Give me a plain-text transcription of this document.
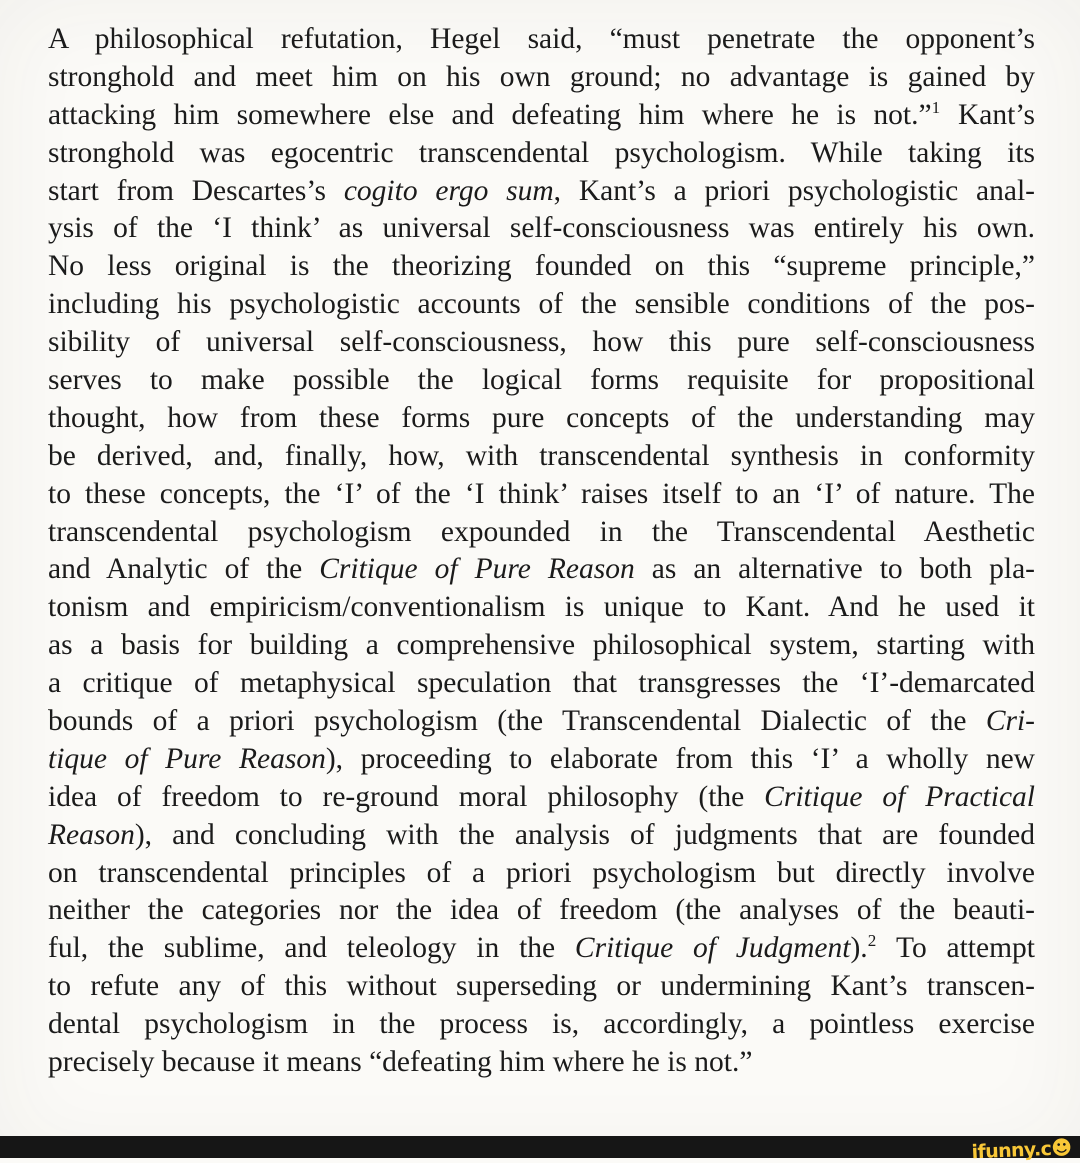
A philosophical refutation, Hegel said, “must penetrate the opponent’s
stronghold and meet him on his own ground; no advantage is gained by
attacking him somewhere else and defeating him where he is not.”$^1$ Kant’s
stronghold was egocentric transcendental psychologism. While taking its
start from Descartes’s cogito ergo sum, Kant’s a priori psychologistic anal-
ysis of the ‘I think’ as universal self-consciousness was entirely his own.
No less original is the theorizing founded on this “supreme principle,”
including his psychologistic accounts of the sensible conditions of the pos-
sibility of universal self-consciousness, how this pure self-consciousness
serves to make possible the logical forms requisite for propositional
thought, how from these forms pure concepts of the understanding may
be derived, and, finally, how, with transcendental synthesis in conformity
to these concepts, the ‘I’ of the ‘I think’ raises itself to an ‘I’ of nature. The
transcendental psychologism expounded in the Transcendental Aesthetic
and Analytic of the Critique of Pure Reason as an alternative to both pla-
tonism and empiricism/conventionalism is unique to Kant. And he used it
as a basis for building a comprehensive philosophical system, starting with
a critique of metaphysical speculation that transgresses the ‘I’-demarcated
bounds of a priori psychologism (the Transcendental Dialectic of the Cri-
tique of Pure Reason), proceeding to elaborate from this ‘I’ a wholly new
idea of freedom to re-ground moral philosophy (the Critique of Practical
Reason), and concluding with the analysis of judgments that are founded
on transcendental principles of a priori psychologism but directly involve
neither the categories nor the idea of freedom (the analyses of the beauti-
ful, the sublime, and teleology in the Critique of Judgment).$^2$ To attempt
to refute any of this without superseding or undermining Kant’s transcen-
dental psychologism in the process is, accordingly, a pointless exercise
precisely because it means “defeating him where he is not.”
ifunny.c☻
